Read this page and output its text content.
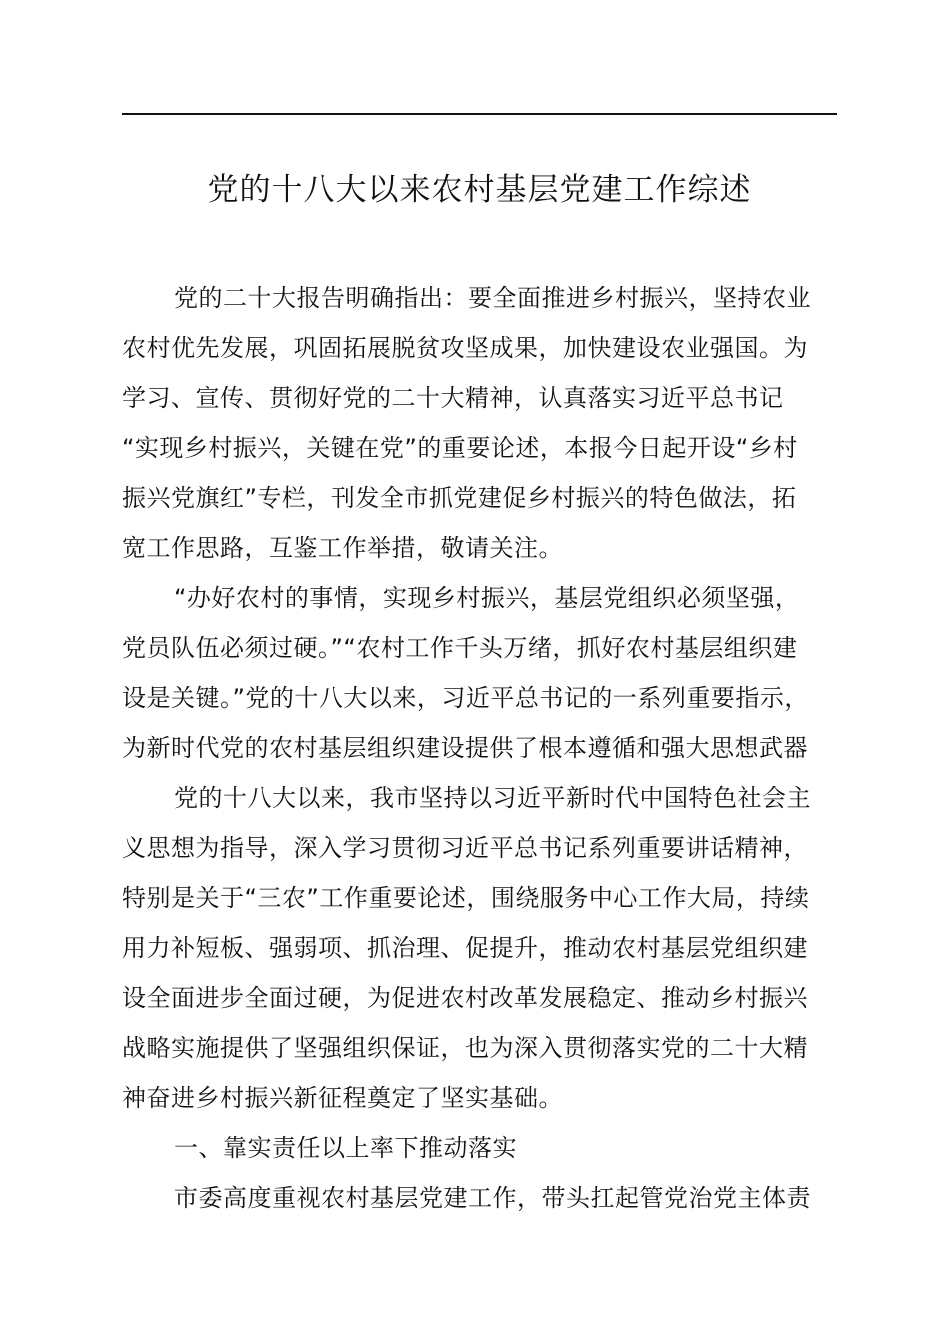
党的十八大以来农村基层党建工作综述

党的二十大报告明确指出：要全面推进乡村振兴，坚持农业
农村优先发展，巩固拓展脱贫攻坚成果，加快建设农业强国。为
学习、宣传、贯彻好党的二十大精神，认真落实习近平总书记
“实现乡村振兴，关键在党”的重要论述，本报今日起开设“乡村
振兴党旗红”专栏，刊发全市抓党建促乡村振兴的特色做法，拓
宽工作思路，互鉴工作举措，敬请关注。

“办好农村的事情，实现乡村振兴，基层党组织必须坚强，
党员队伍必须过硬。”“农村工作千头万绪，抓好农村基层组织建
设是关键。”党的十八大以来，习近平总书记的一系列重要指示，
为新时代党的农村基层组织建设提供了根本遵循和强大思想武器

党的十八大以来，我市坚持以习近平新时代中国特色社会主
义思想为指导，深入学习贯彻习近平总书记系列重要讲话精神，
特别是关于“三农”工作重要论述，围绕服务中心工作大局，持续
用力补短板、强弱项、抓治理、促提升，推动农村基层党组织建
设全面进步全面过硬，为促进农村改革发展稳定、推动乡村振兴
战略实施提供了坚强组织保证，也为深入贯彻落实党的二十大精
神奋进乡村振兴新征程奠定了坚实基础。

一、靠实责任以上率下推动落实

市委高度重视农村基层党建工作，带头扛起管党治党主体责
